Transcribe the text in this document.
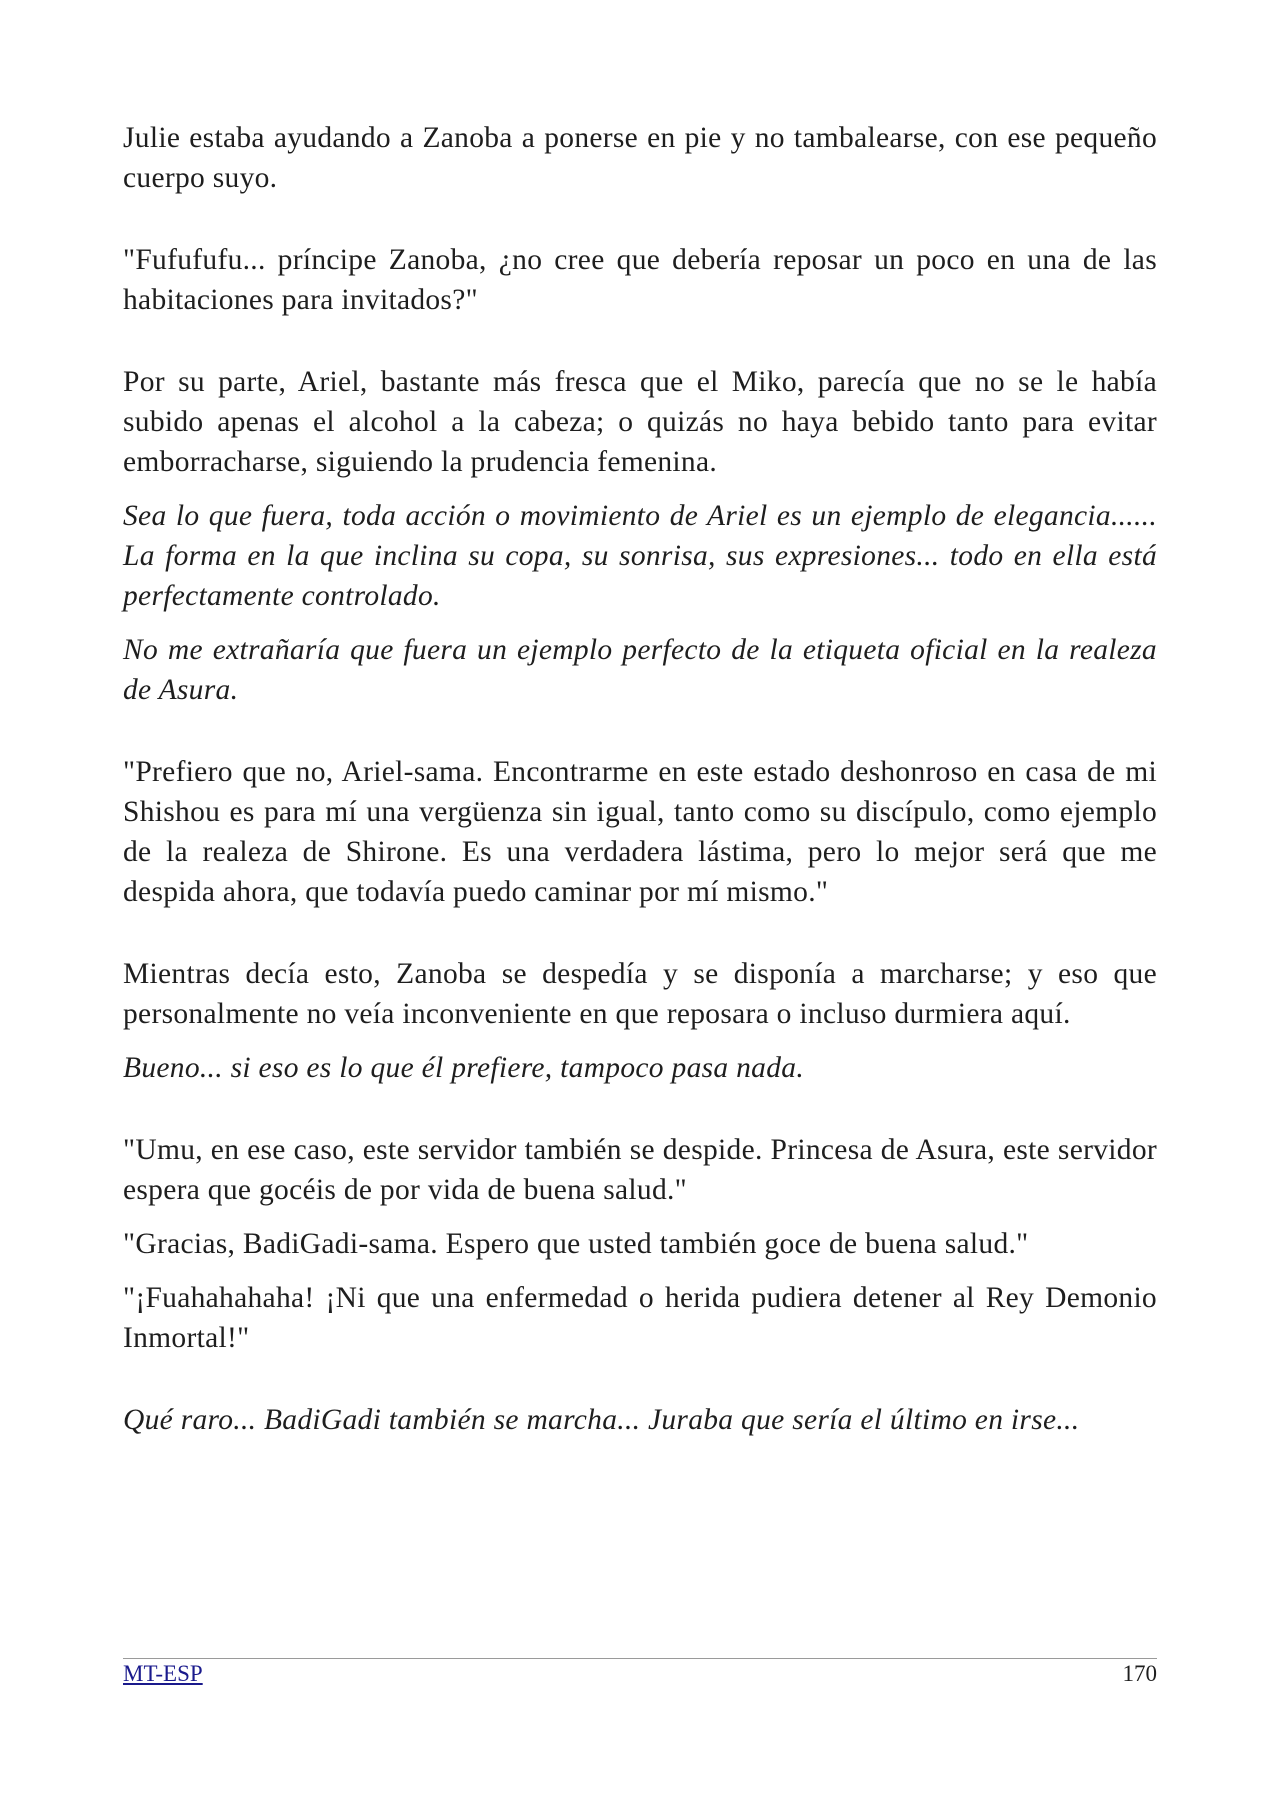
Julie estaba ayudando a Zanoba a ponerse en pie y no tambalearse, con ese pequeño cuerpo suyo.

"Fufufufu... príncipe Zanoba, ¿no cree que debería reposar un poco en una de las habitaciones para invitados?"

Por su parte, Ariel, bastante más fresca que el Miko, parecía que no se le había subido apenas el alcohol a la cabeza; o quizás no haya bebido tanto para evitar emborracharse, siguiendo la prudencia femenina.

Sea lo que fuera, toda acción o movimiento de Ariel es un ejemplo de elegancia...... La forma en la que inclina su copa, su sonrisa, sus expresiones... todo en ella está perfectamente controlado.

No me extrañaría que fuera un ejemplo perfecto de la etiqueta oficial en la realeza de Asura.

"Prefiero que no, Ariel-sama. Encontrarme en este estado deshonroso en casa de mi Shishou es para mí una vergüenza sin igual, tanto como su discípulo, como ejemplo de la realeza de Shirone. Es una verdadera lástima, pero lo mejor será que me despida ahora, que todavía puedo caminar por mí mismo."

Mientras decía esto, Zanoba se despedía y se disponía a marcharse; y eso que personalmente no veía inconveniente en que reposara o incluso durmiera aquí.

Bueno... si eso es lo que él prefiere, tampoco pasa nada.

"Umu, en ese caso, este servidor también se despide. Princesa de Asura, este servidor espera que gocéis de por vida de buena salud."

"Gracias, BadiGadi-sama. Espero que usted también goce de buena salud."

"¡Fuahahahaha! ¡Ni que una enfermedad o herida pudiera detener al Rey Demonio Inmortal!"

Qué raro... BadiGadi también se marcha... Juraba que sería el último en irse...

MT-ESP	170
